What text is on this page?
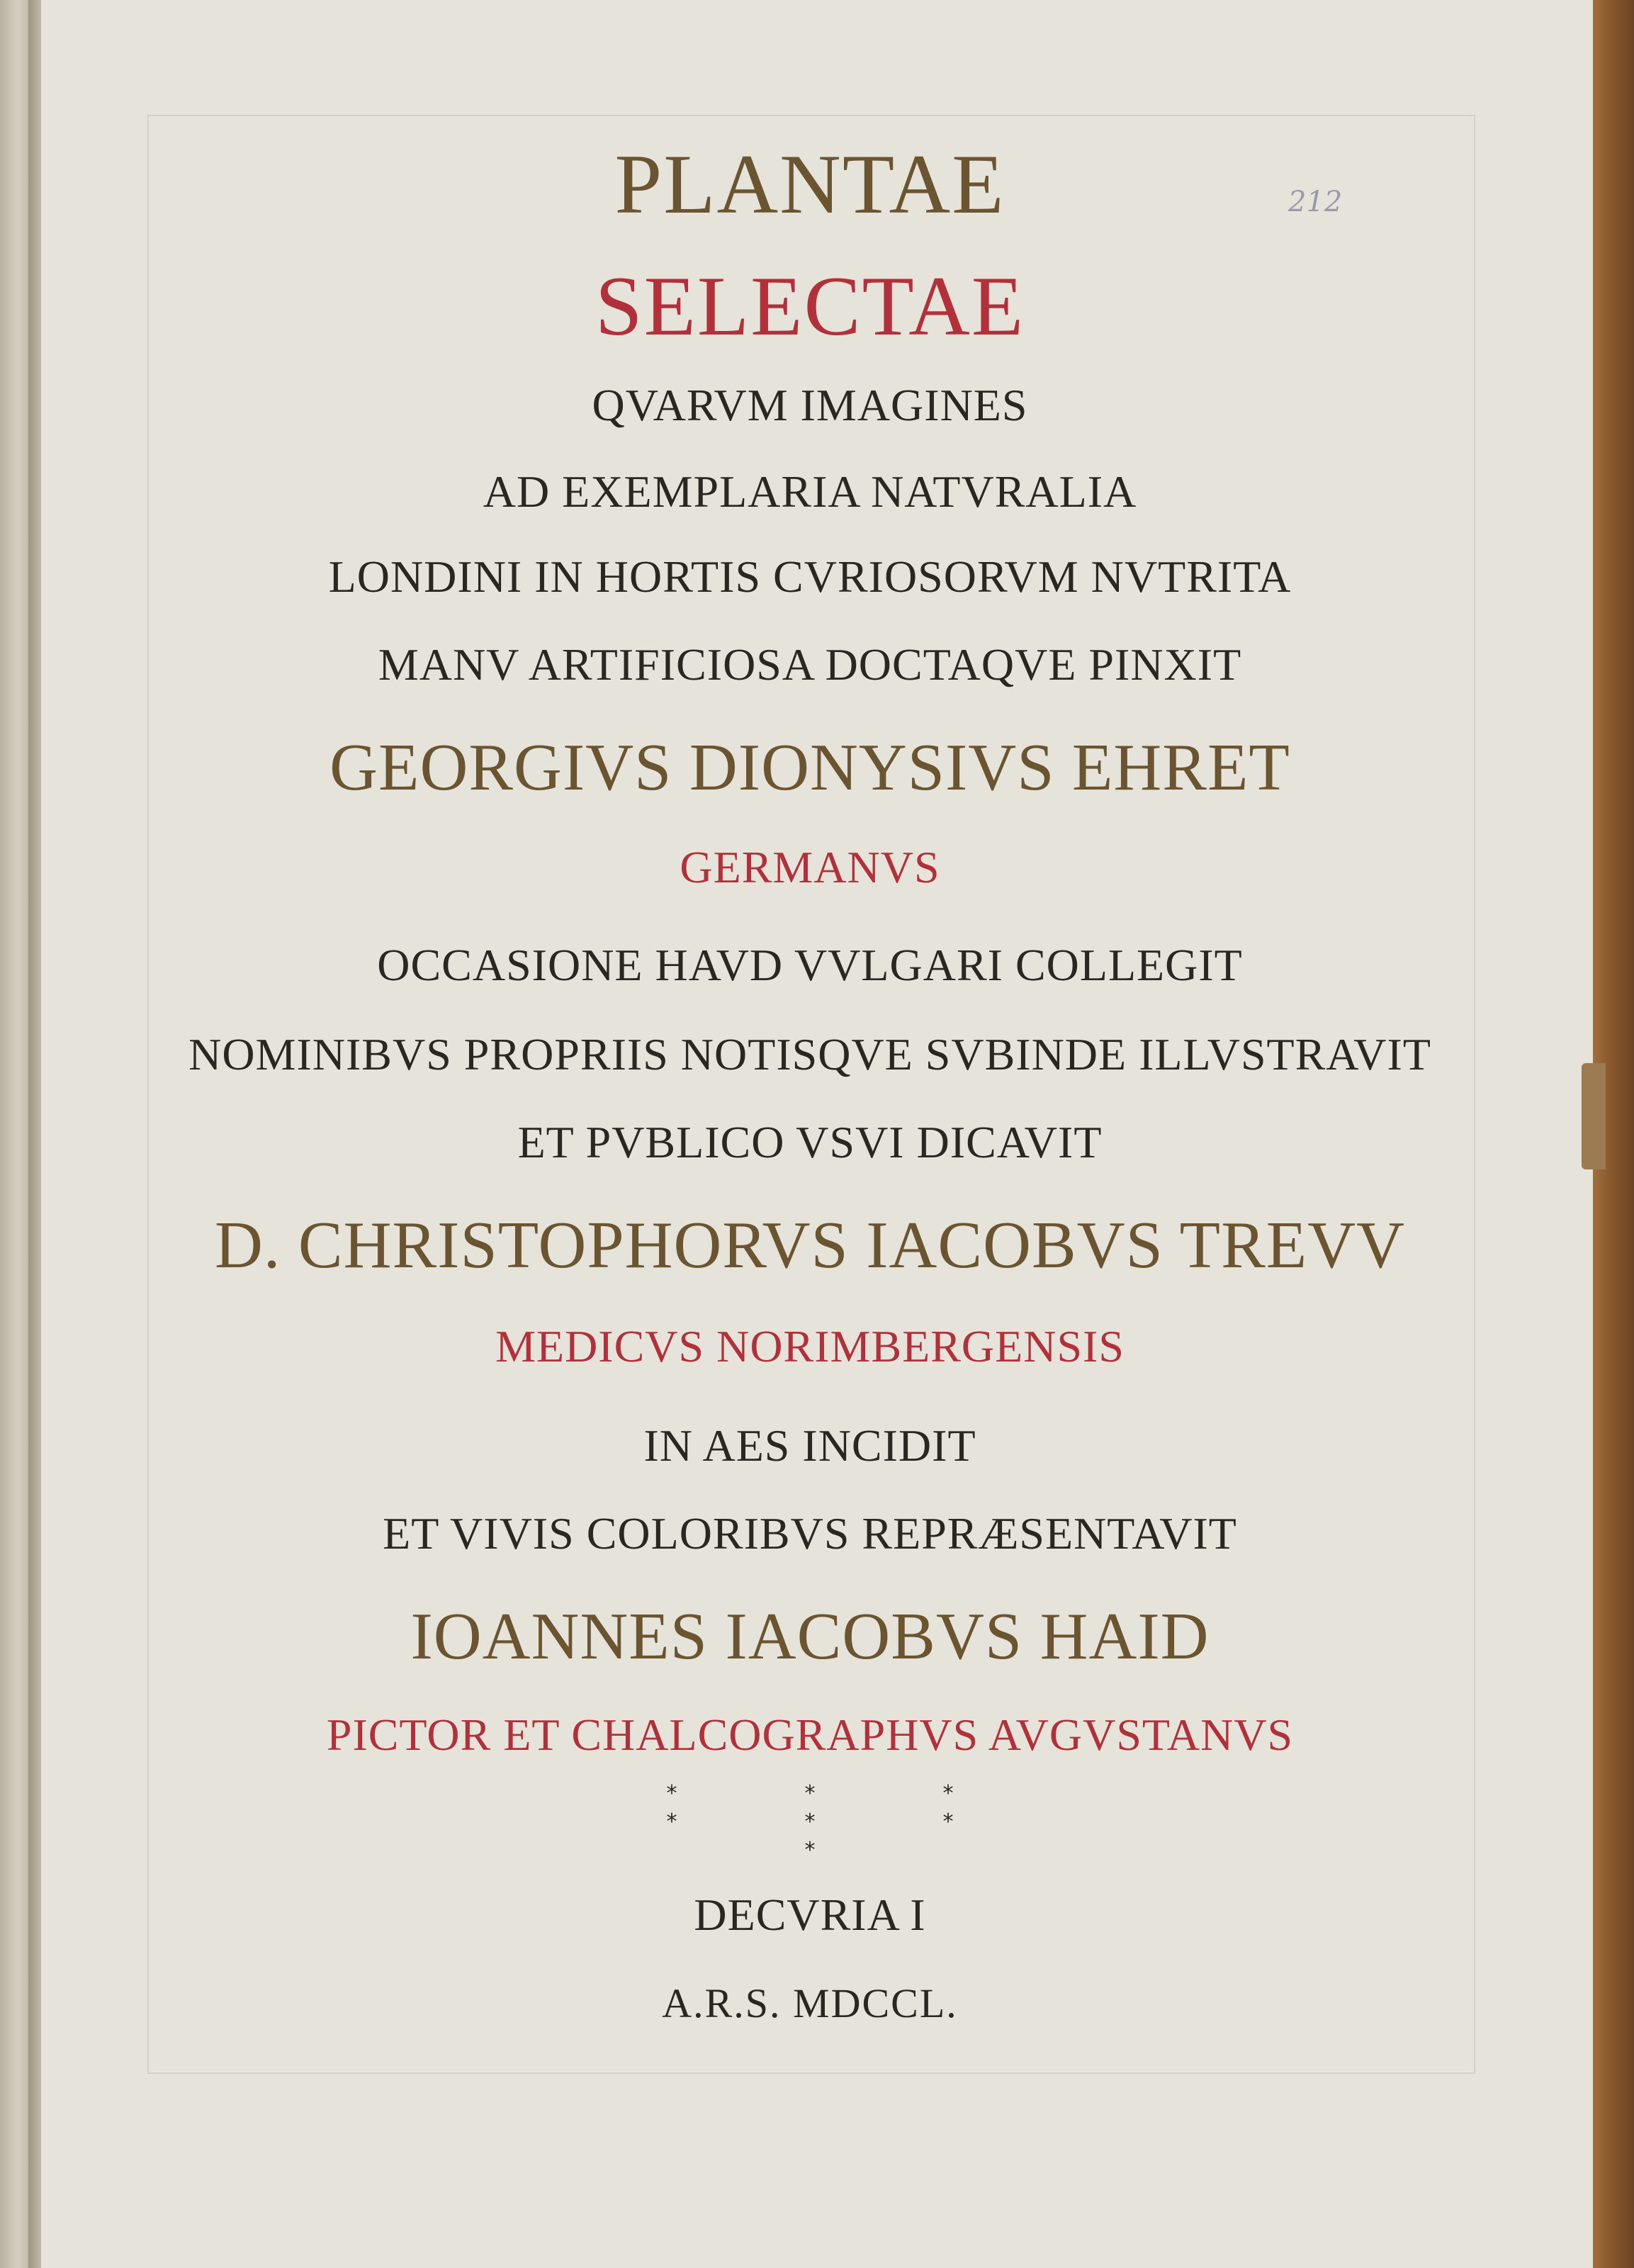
212
PLANTAE
SELECTAE
QVARVM IMAGINES
AD EXEMPLARIA NATVRALIA
LONDINI IN HORTIS CVRIOSORVM NVTRITA
MANV ARTIFICIOSA DOCTAQVE PINXIT
GEORGIVS DIONYSIVS EHRET
GERMANVS
OCCASIONE HAVD VVLGARI COLLEGIT
NOMINIBVS PROPRIIS NOTISQVE SVBINDE ILLVSTRAVIT
ET PVBLICO VSVI DICAVIT
D. CHRISTOPHORVS IACOBVS TREVV
MEDICVS NORIMBERGENSIS
IN AES INCIDIT
ET VIVIS COLORIBVS REPRÆSENTAVIT
IOANNES IACOBVS HAID
PICTOR ET CHALCOGRAPHVS AVGVSTANVS
*	*	*
*	*	*
*
DECVRIA I
A.R.S. MDCCL.
